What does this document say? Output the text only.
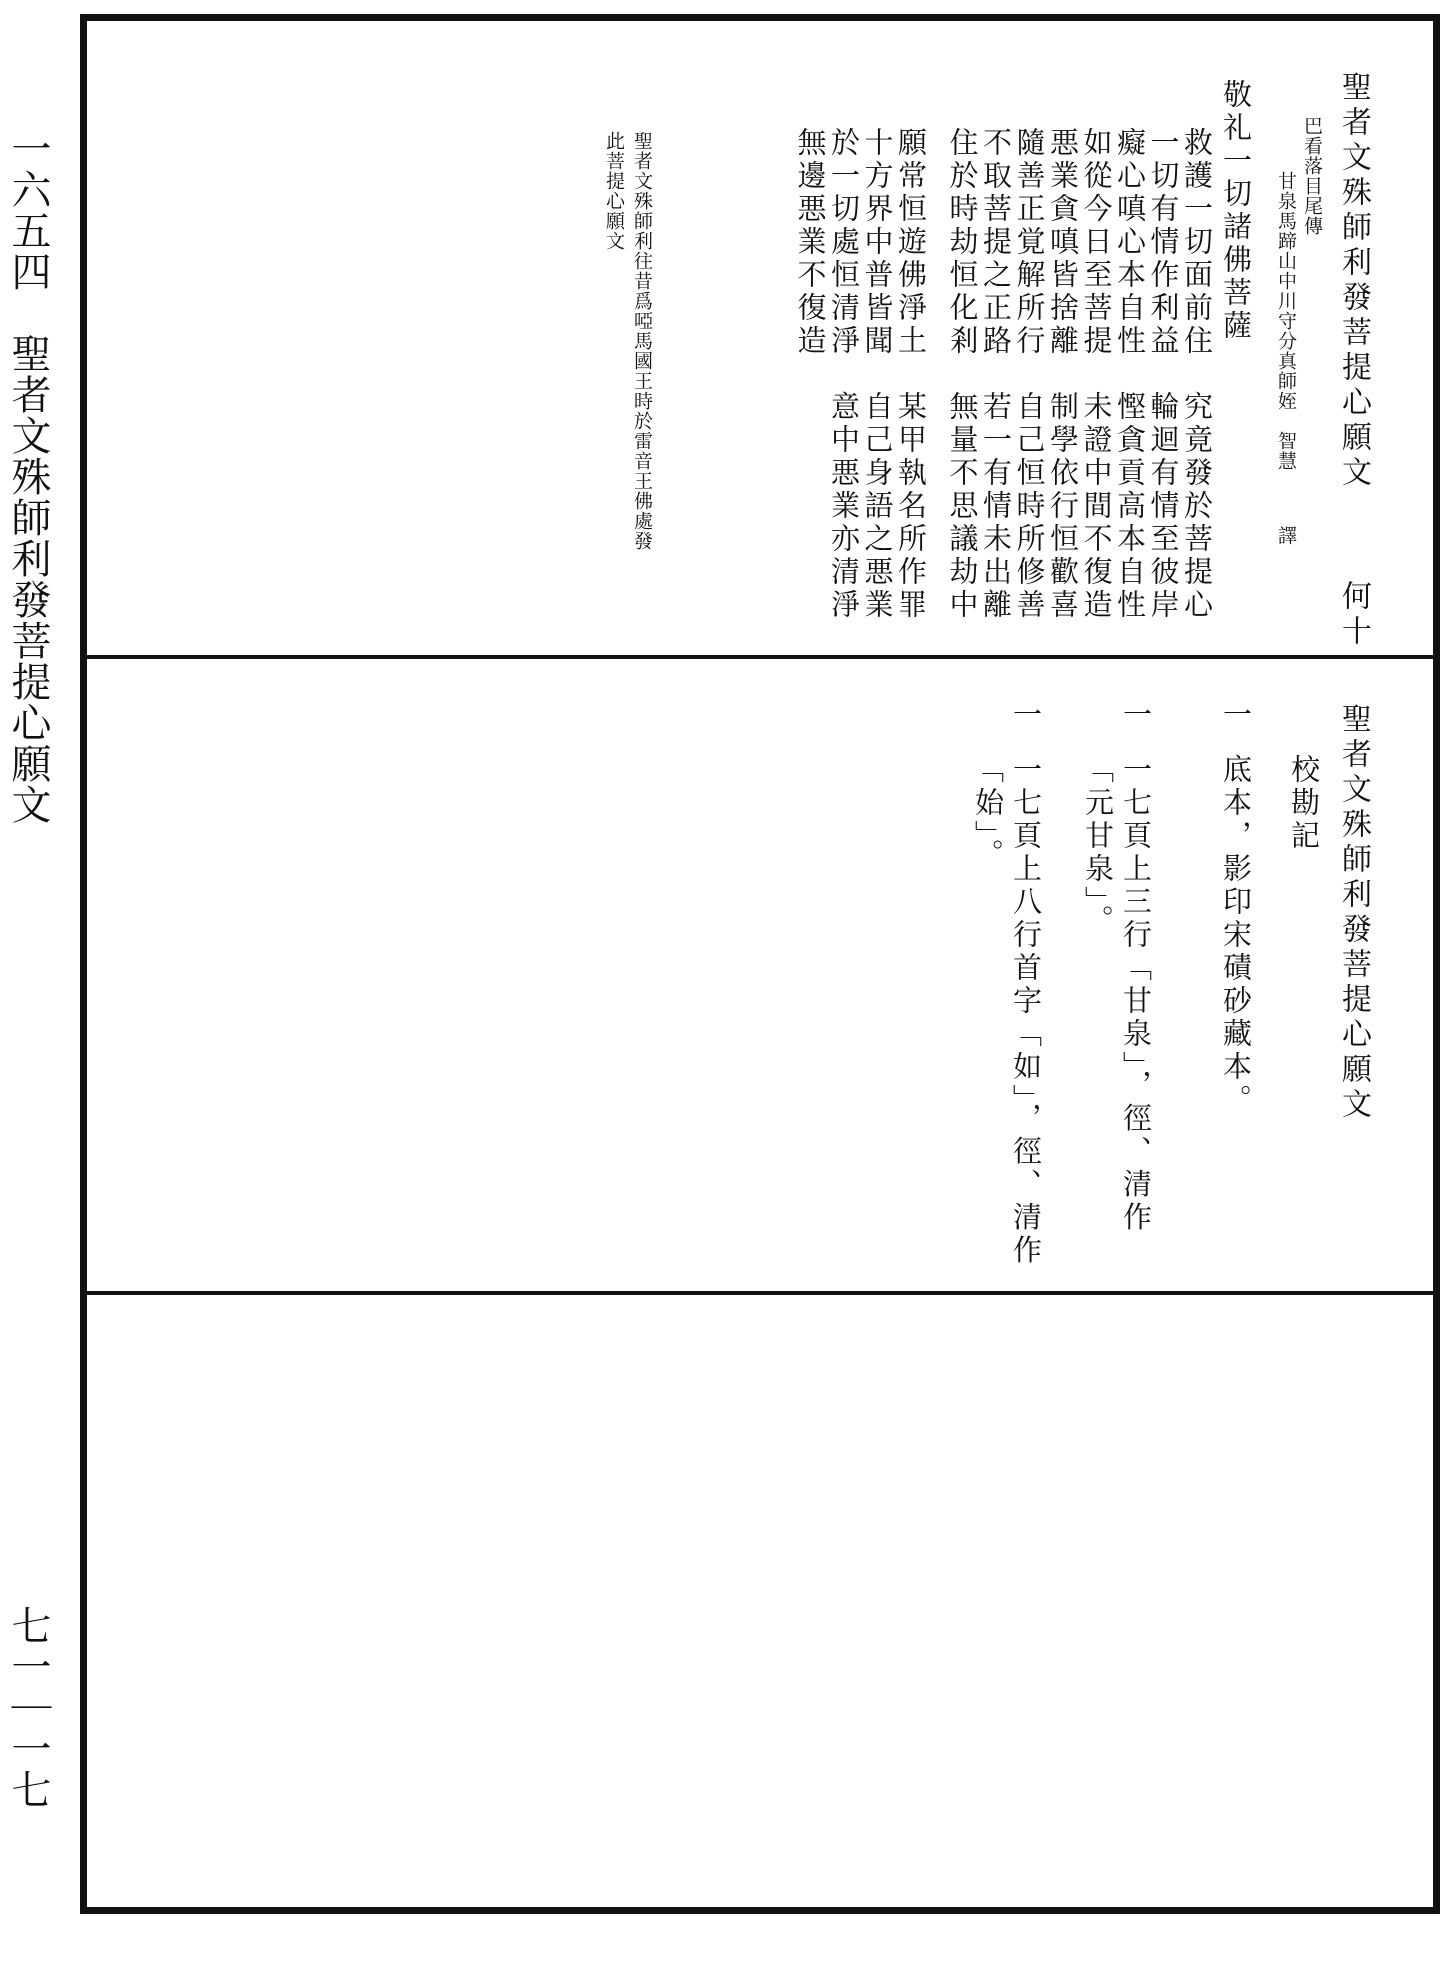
一六五四　聖者文殊師利發菩提心願文
七一｜一七
聖者文殊師利發菩提心願文  何十
巴看落目尾傳
甘泉馬蹄山中川守分真師姪　智慧  譯
敬礼一切諸佛菩薩
救護一切面前住
究竟發於菩提心
一切有情作利益
輪迴有情至彼岸
癡心嗔心本自性
慳貪貢高本自性
如從今日至菩提
未證中間不復造
悪業貪嗔皆捨離
制學依行恒歡喜
隨善正覚解所行
自己恒時所修善
不取菩提之正路
若一有情未出離
住於時劫恒化剎
無量不思議劫中
願常恒遊佛淨土
某甲執名所作罪
十方界中普皆聞
自己身語之悪業
於一切處恒清淨
意中悪業亦清淨
無邊悪業不復造
聖者文殊師利往昔爲啞馬國王時於雷音王佛處發
此菩提心願文
聖者文殊師利發菩提心願文
校勘記
一
底本，影印宋磧砂藏本。
一
一七頁上三行「甘泉」，徑、清作
「元甘泉」。
一
一七頁上八行首字「如」，徑、清作
「始」。
